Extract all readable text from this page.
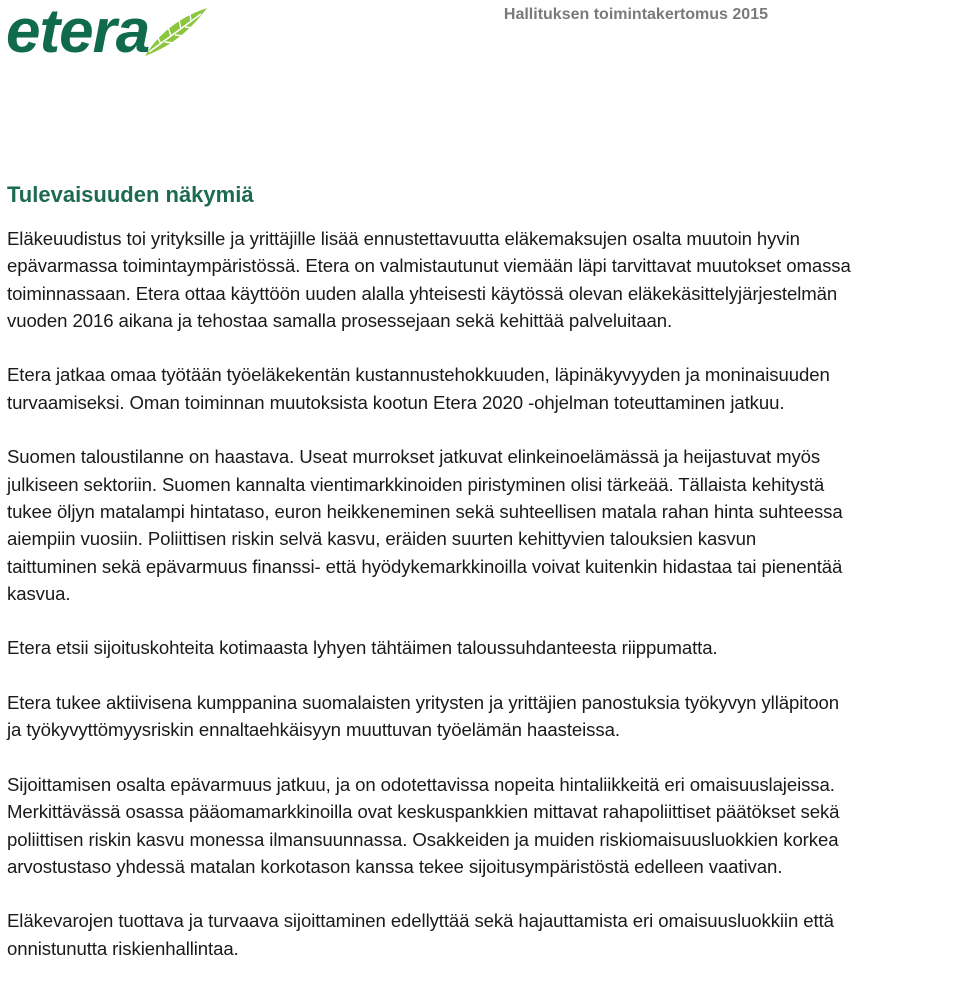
etera	Hallituksen toimintakertomus 2015
Tulevaisuuden näkymiä

Eläkeuudistus toi yrityksille ja yrittäjille lisää ennustettavuutta eläkemaksujen osalta muutoin hyvin
epävarmassa toimintaympäristössä. Etera on valmistautunut viemään läpi tarvittavat muutokset omassa
toiminnassaan. Etera ottaa käyttöön uuden alalla yhteisesti käytössä olevan eläkekäsittelyjärjestelmän
vuoden 2016 aikana ja tehostaa samalla prosessejaan sekä kehittää palveluitaan.

Etera jatkaa omaa työtään työeläkekentän kustannustehokkuuden, läpinäkyvyyden ja moninaisuuden
turvaamiseksi. Oman toiminnan muutoksista kootun Etera 2020 -ohjelman toteuttaminen jatkuu.

Suomen taloustilanne on haastava. Useat murrokset jatkuvat elinkeinoelämässä ja heijastuvat myös
julkiseen sektoriin. Suomen kannalta vientimarkkinoiden piristyminen olisi tärkeää. Tällaista kehitystä
tukee öljyn matalampi hintataso, euron heikkeneminen sekä suhteellisen matala rahan hinta suhteessa
aiempiin vuosiin. Poliittisen riskin selvä kasvu, eräiden suurten kehittyvien talouksien kasvun
taittuminen sekä epävarmuus finanssi- että hyödykemarkkinoilla voivat kuitenkin hidastaa tai pienentää
kasvua.

Etera etsii sijoituskohteita kotimaasta lyhyen tähtäimen taloussuhdanteesta riippumatta.

Etera tukee aktiivisena kumppanina suomalaisten yritysten ja yrittäjien panostuksia työkyvyn ylläpitoon
ja työkyvyttömyysriskin ennaltaehkäisyyn muuttuvan työelämän haasteissa.

Sijoittamisen osalta epävarmuus jatkuu, ja on odotettavissa nopeita hintaliikkeitä eri omaisuuslajeissa.
Merkittävässä osassa pääomamarkkinoilla ovat keskuspankkien mittavat rahapoliittiset päätökset sekä
poliittisen riskin kasvu monessa ilmansuunnassa. Osakkeiden ja muiden riskiomaisuusluokkien korkea
arvostustaso yhdessä matalan korkotason kanssa tekee sijoitusympäristöstä edelleen vaativan.

Eläkevarojen tuottava ja turvaava sijoittaminen edellyttää sekä hajauttamista eri omaisuusluokkiin että
onnistunutta riskienhallintaa.
